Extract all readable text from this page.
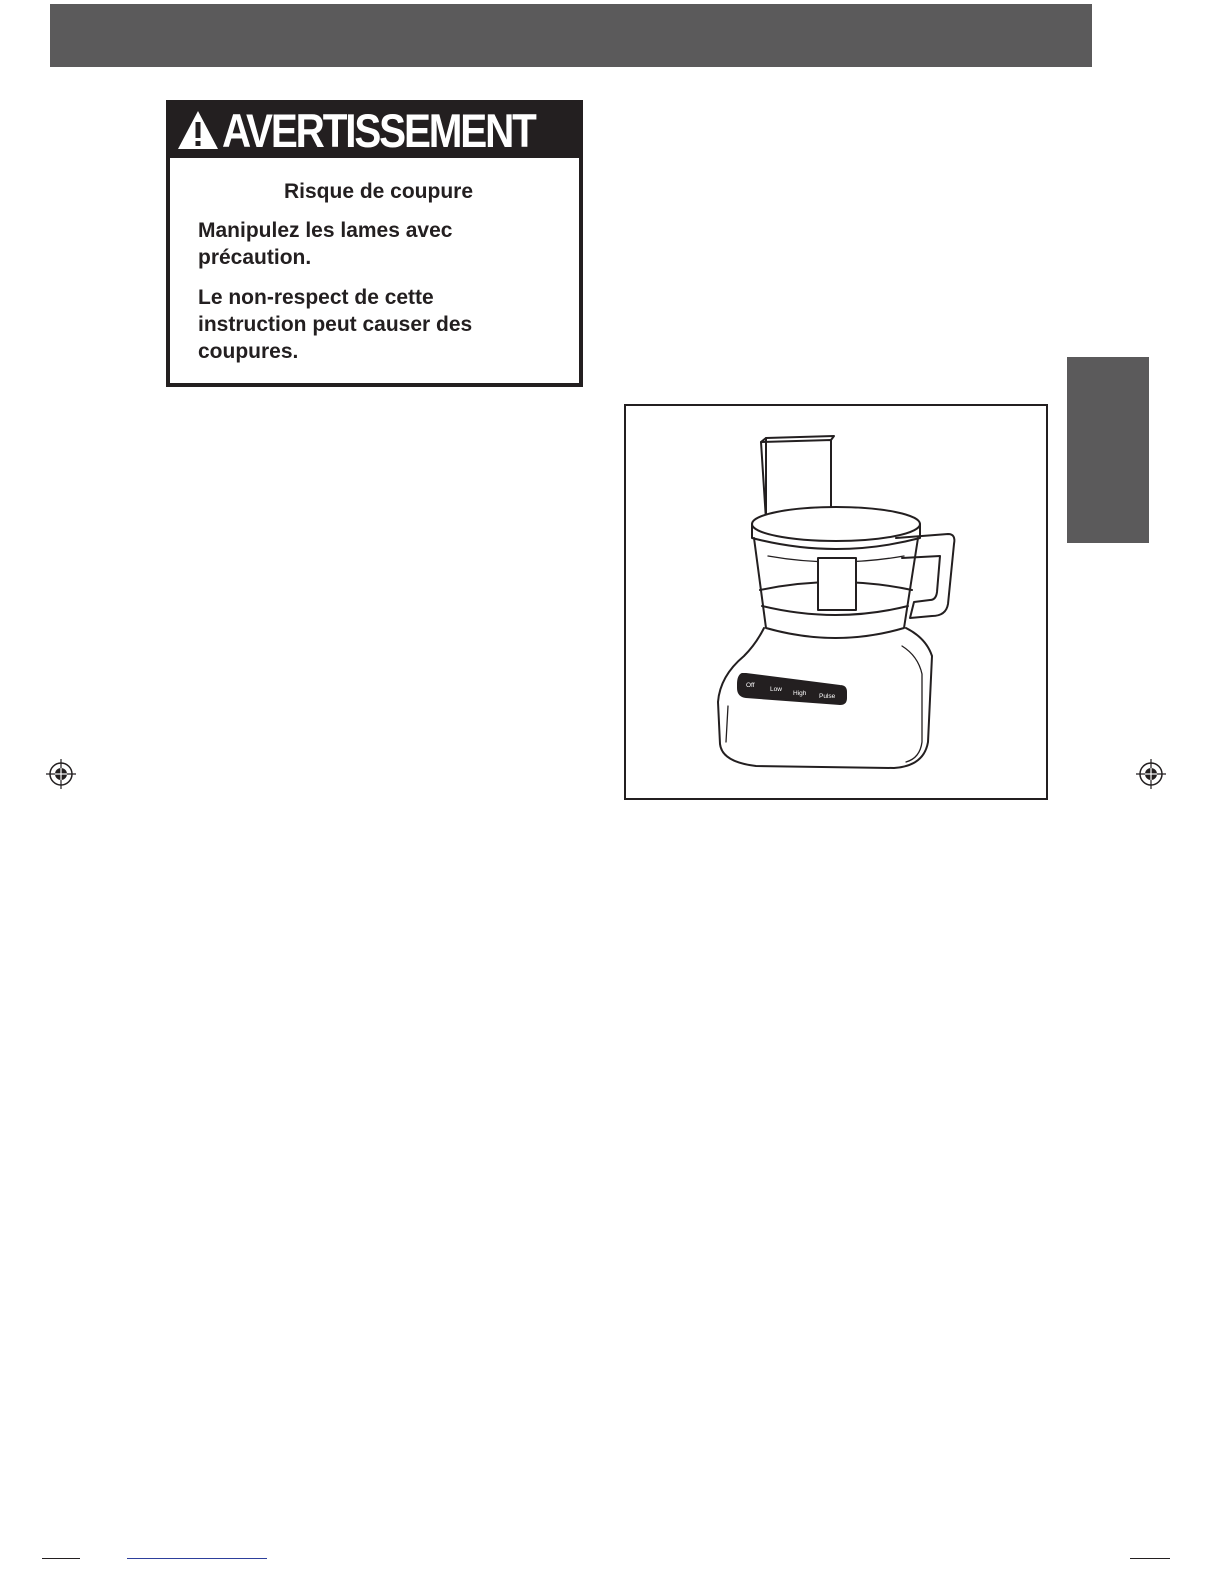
AVERTISSEMENT
Risque de coupure
Manipulez les lames avec
précaution.
Le non-respect de cette
instruction peut causer des
coupures.
Off
Low
High Pulse
